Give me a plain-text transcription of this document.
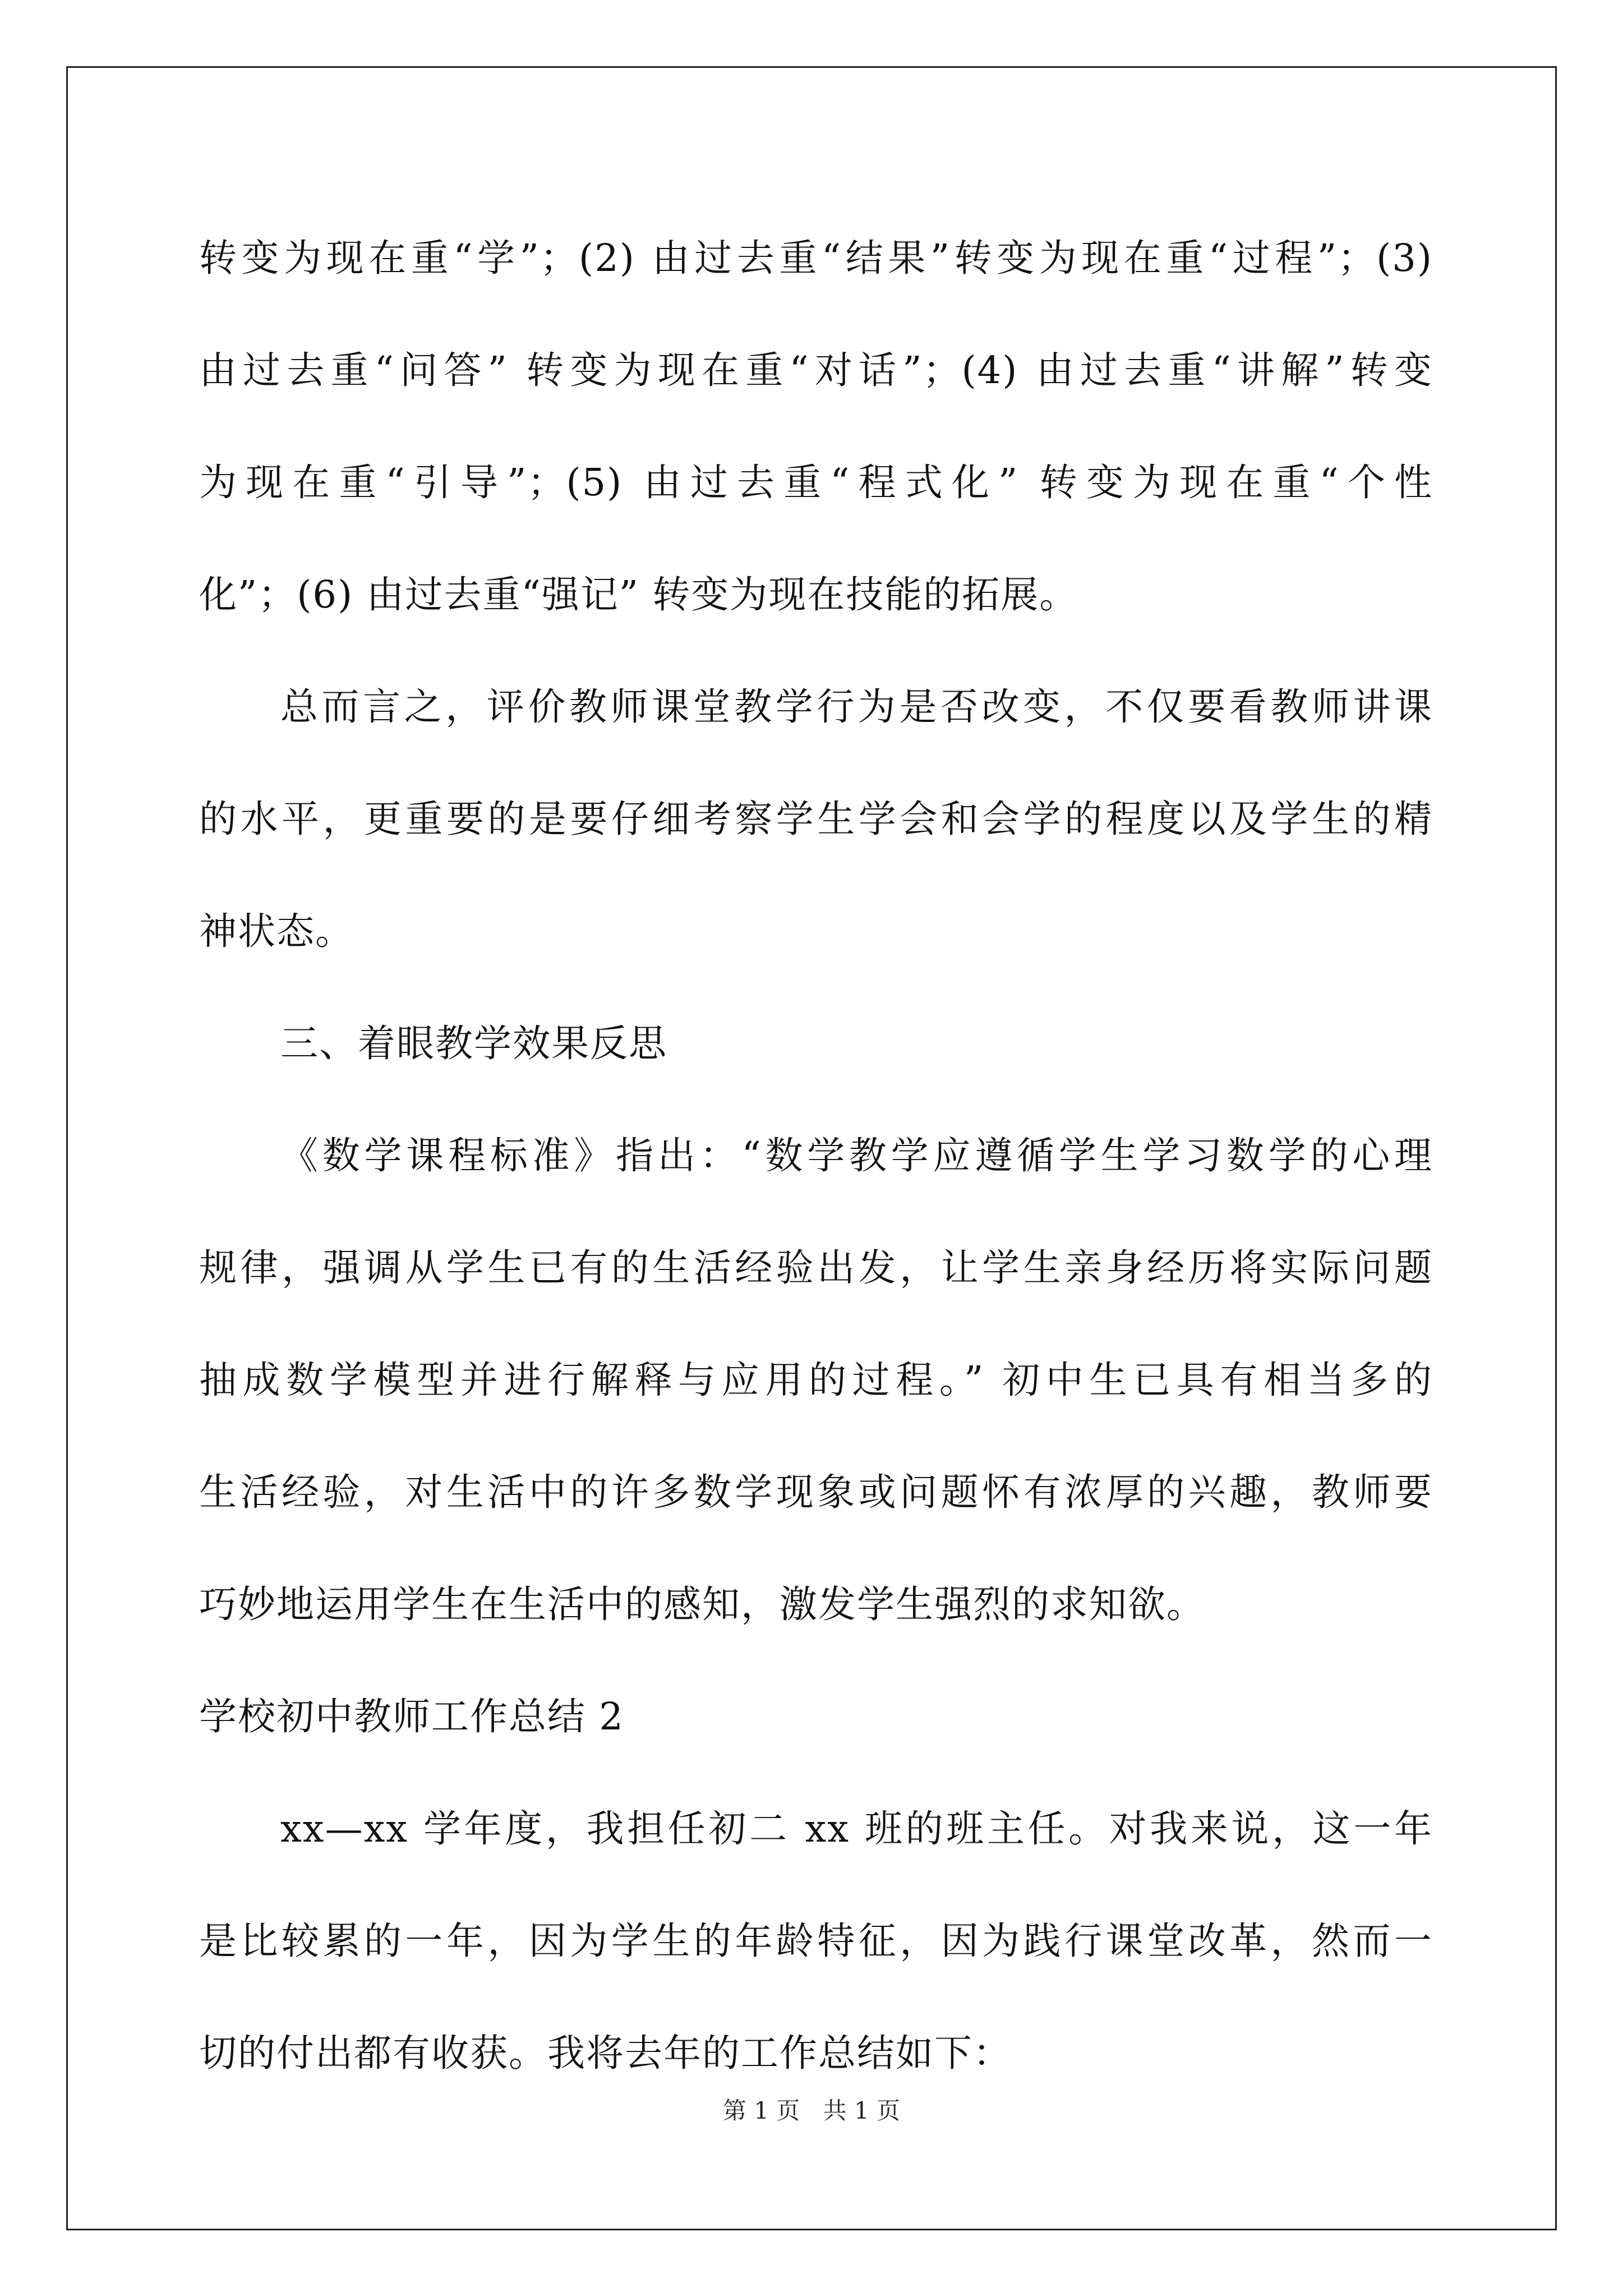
转变为现在重“学”；(2) 由过去重“结果”转变为现在重“过程”；(3)
由过去重“问答” 转变为现在重“对话”；(4) 由过去重“讲解”转变
为现在重“引导”；(5) 由过去重“程式化” 转变为现在重“个性
化”；(6) 由过去重“强记” 转变为现在技能的拓展。
总而言之，评价教师课堂教学行为是否改变，不仅要看教师讲课
的水平，更重要的是要仔细考察学生学会和会学的程度以及学生的精
神状态。
三、着眼教学效果反思
《数学课程标准》指出：“数学教学应遵循学生学习数学的心理
规律，强调从学生已有的生活经验出发，让学生亲身经历将实际问题
抽成数学模型并进行解释与应用的过程。” 初中生已具有相当多的
生活经验，对生活中的许多数学现象或问题怀有浓厚的兴趣，教师要
巧妙地运用学生在生活中的感知，激发学生强烈的求知欲。
学校初中教师工作总结 2
xx—xx 学年度，我担任初二 xx 班的班主任。对我来说，这一年
是比较累的一年，因为学生的年龄特征，因为践行课堂改革，然而一
切的付出都有收获。我将去年的工作总结如下：
第 1 页 共 1 页
